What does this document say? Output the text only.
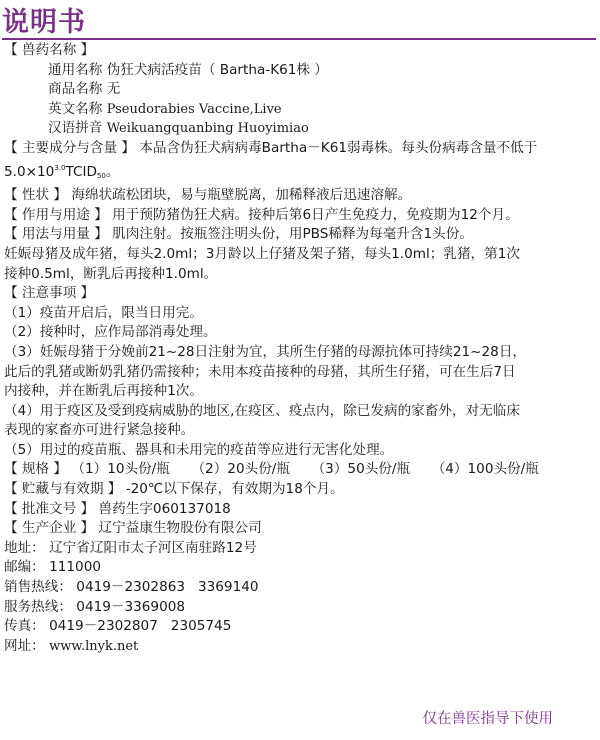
说明书
【 兽药名称 】
通用名称 伪狂犬病活疫苗（ Bartha-K61株 ）
商品名称 无
英文名称 Pseudorabies Vaccine,Live
汉语拼音 Weikuangquanbing Huoyimiao
【 主要成分与含量 】 本品含伪狂犬病病毒Bartha－K61弱毒株。每头份病毒含量不低于
$5.0\times 10^{3.0}TCID_{50}$。
【 性状 】 海绵状疏松团块，易与瓶壁脱离，加稀释液后迅速溶解。
【 作用与用途 】 用于预防猪伪狂犬病。接种后第6日产生免疫力，免疫期为12个月。
【 用法与用量 】 肌肉注射。按瓶签注明头份，用PBS稀释为每毫升含1头份。
妊娠母猪及成年猪，每头2.0ml；3月龄以上仔猪及架子猪，每头1.0ml；乳猪，第1次
接种0.5ml，断乳后再接种1.0ml。
【 注意事项 】
（1）疫苗开启后，限当日用完。
（2）接种时，应作局部消毒处理。
（3）妊娠母猪于分娩前21~28日注射为宜，其所生仔猪的母源抗体可持续21~28日，
此后的乳猪或断奶乳猪仍需接种；未用本疫苗接种的母猪，其所生仔猪，可在生后7日
内接种，并在断乳后再接种1次。
（4）用于疫区及受到疫病威胁的地区,在疫区、疫点内，除已发病的家畜外，对无临床
表现的家畜亦可进行紧急接种。
（5）用过的疫苗瓶、器具和未用完的疫苗等应进行无害化处理。
【 规格 】 （1）10头份/瓶 （2）20头份/瓶 （3）50头份/瓶 （4）100头份/瓶
【 贮藏与有效期 】 -20℃以下保存，有效期为18个月。
【 批准文号 】 兽药生字060137018
【 生产企业 】 辽宁益康生物股份有限公司
地址： 辽宁省辽阳市太子河区南驻路12号
邮编： 111000
销售热线： 0419－2302863   3369140
服务热线： 0419－3369008
传真： 0419－2302807   2305745
网址： www.lnyk.net
仅在兽医指导下使用
